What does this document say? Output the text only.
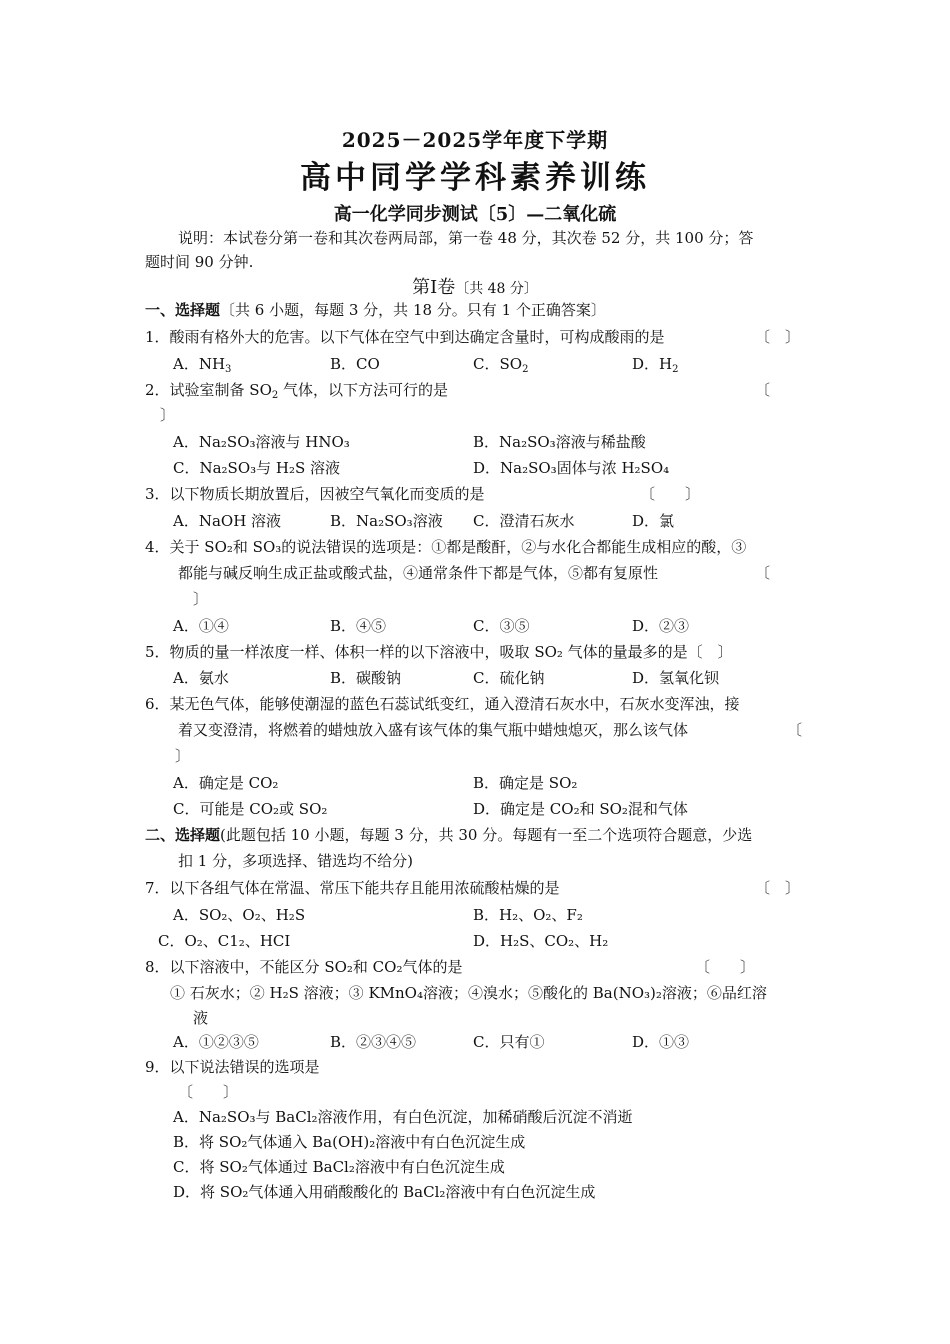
2025－2025学年度下学期
高中同学学科素养训练
高一化学同步测试〔5〕—二氧化硫
说明：本试卷分第一卷和其次卷两局部，第一卷 48 分，其次卷 52 分，共 100 分；答
题时间 90 分钟.
第Ⅰ卷〔共 48 分〕
一、选择题〔共 6 小题，每题 3 分，共 18 分。只有 1 个正确答案〕
1．酸雨有格外大的危害。以下气体在空气中到达确定含量时，可构成酸雨的是	〔　〕
A．$NH_3$	B．CO	C．$SO_2$	D．$H_2$
2．试验室制备 $SO_2$ 气体，以下方法可行的是	〔
〕
A．Na₂SO₃溶液与 HNO₃	B．Na₂SO₃溶液与稀盐酸
C．Na₂SO₃与 H₂S 溶液	D．Na₂SO₃固体与浓 H₂SO₄
3．以下物质长期放置后，因被空气氧化而变质的是	〔　　〕
A．NaOH 溶液	B．Na₂SO₃溶液 C．澄清石灰水	D．氯
4．关于 SO₂和 SO₃的说法错误的选项是：①都是酸酐，②与水化合都能生成相应的酸，③
都能与碱反响生成正盐或酸式盐，④通常条件下都是气体，⑤都有复原性	〔
〕
A．①④	B．④⑤	C．③⑤	D．②③
5．物质的量一样浓度一样、体积一样的以下溶液中，吸取 SO₂ 气体的量最多的是〔　〕
A．氨水	B．碳酸钠	C．硫化钠	D．氢氧化钡
6．某无色气体，能够使潮湿的蓝色石蕊试纸变红，通入澄清石灰水中，石灰水变浑浊，接
着又变澄清，将燃着的蜡烛放入盛有该气体的集气瓶中蜡烛熄灭，那么该气体	〔
〕
A．确定是 CO₂	B．确定是 SO₂
C．可能是 CO₂或 SO₂	D．确定是 CO₂和 SO₂混和气体
二、选择题(此题包括 10 小题，每题 3 分，共 30 分。每题有一至二个选项符合题意，少选
扣 1 分，多项选择、错选均不给分)
7．以下各组气体在常温、常压下能共存且能用浓硫酸枯燥的是	〔　〕
A．SO₂、O₂、H₂S	B．H₂、O₂、F₂
C．O₂、C1₂、HCI	D．H₂S、CO₂、H₂
8．以下溶液中，不能区分 SO₂和 CO₂气体的是	〔　　〕
① 石灰水；② H₂S 溶液；③ KMnO₄溶液；④溴水；⑤酸化的 Ba(NO₃)₂溶液；⑥品红溶
液
A．①②③⑤	B．②③④⑤	C．只有①	D．①③
9．以下说法错误的选项是
〔　　〕
A．Na₂SO₃与 BaCl₂溶液作用，有白色沉淀，加稀硝酸后沉淀不消逝
B．将 SO₂气体通入 Ba(OH)₂溶液中有白色沉淀生成
C．将 SO₂气体通过 BaCl₂溶液中有白色沉淀生成
D．将 SO₂气体通入用硝酸酸化的 BaCl₂溶液中有白色沉淀生成
